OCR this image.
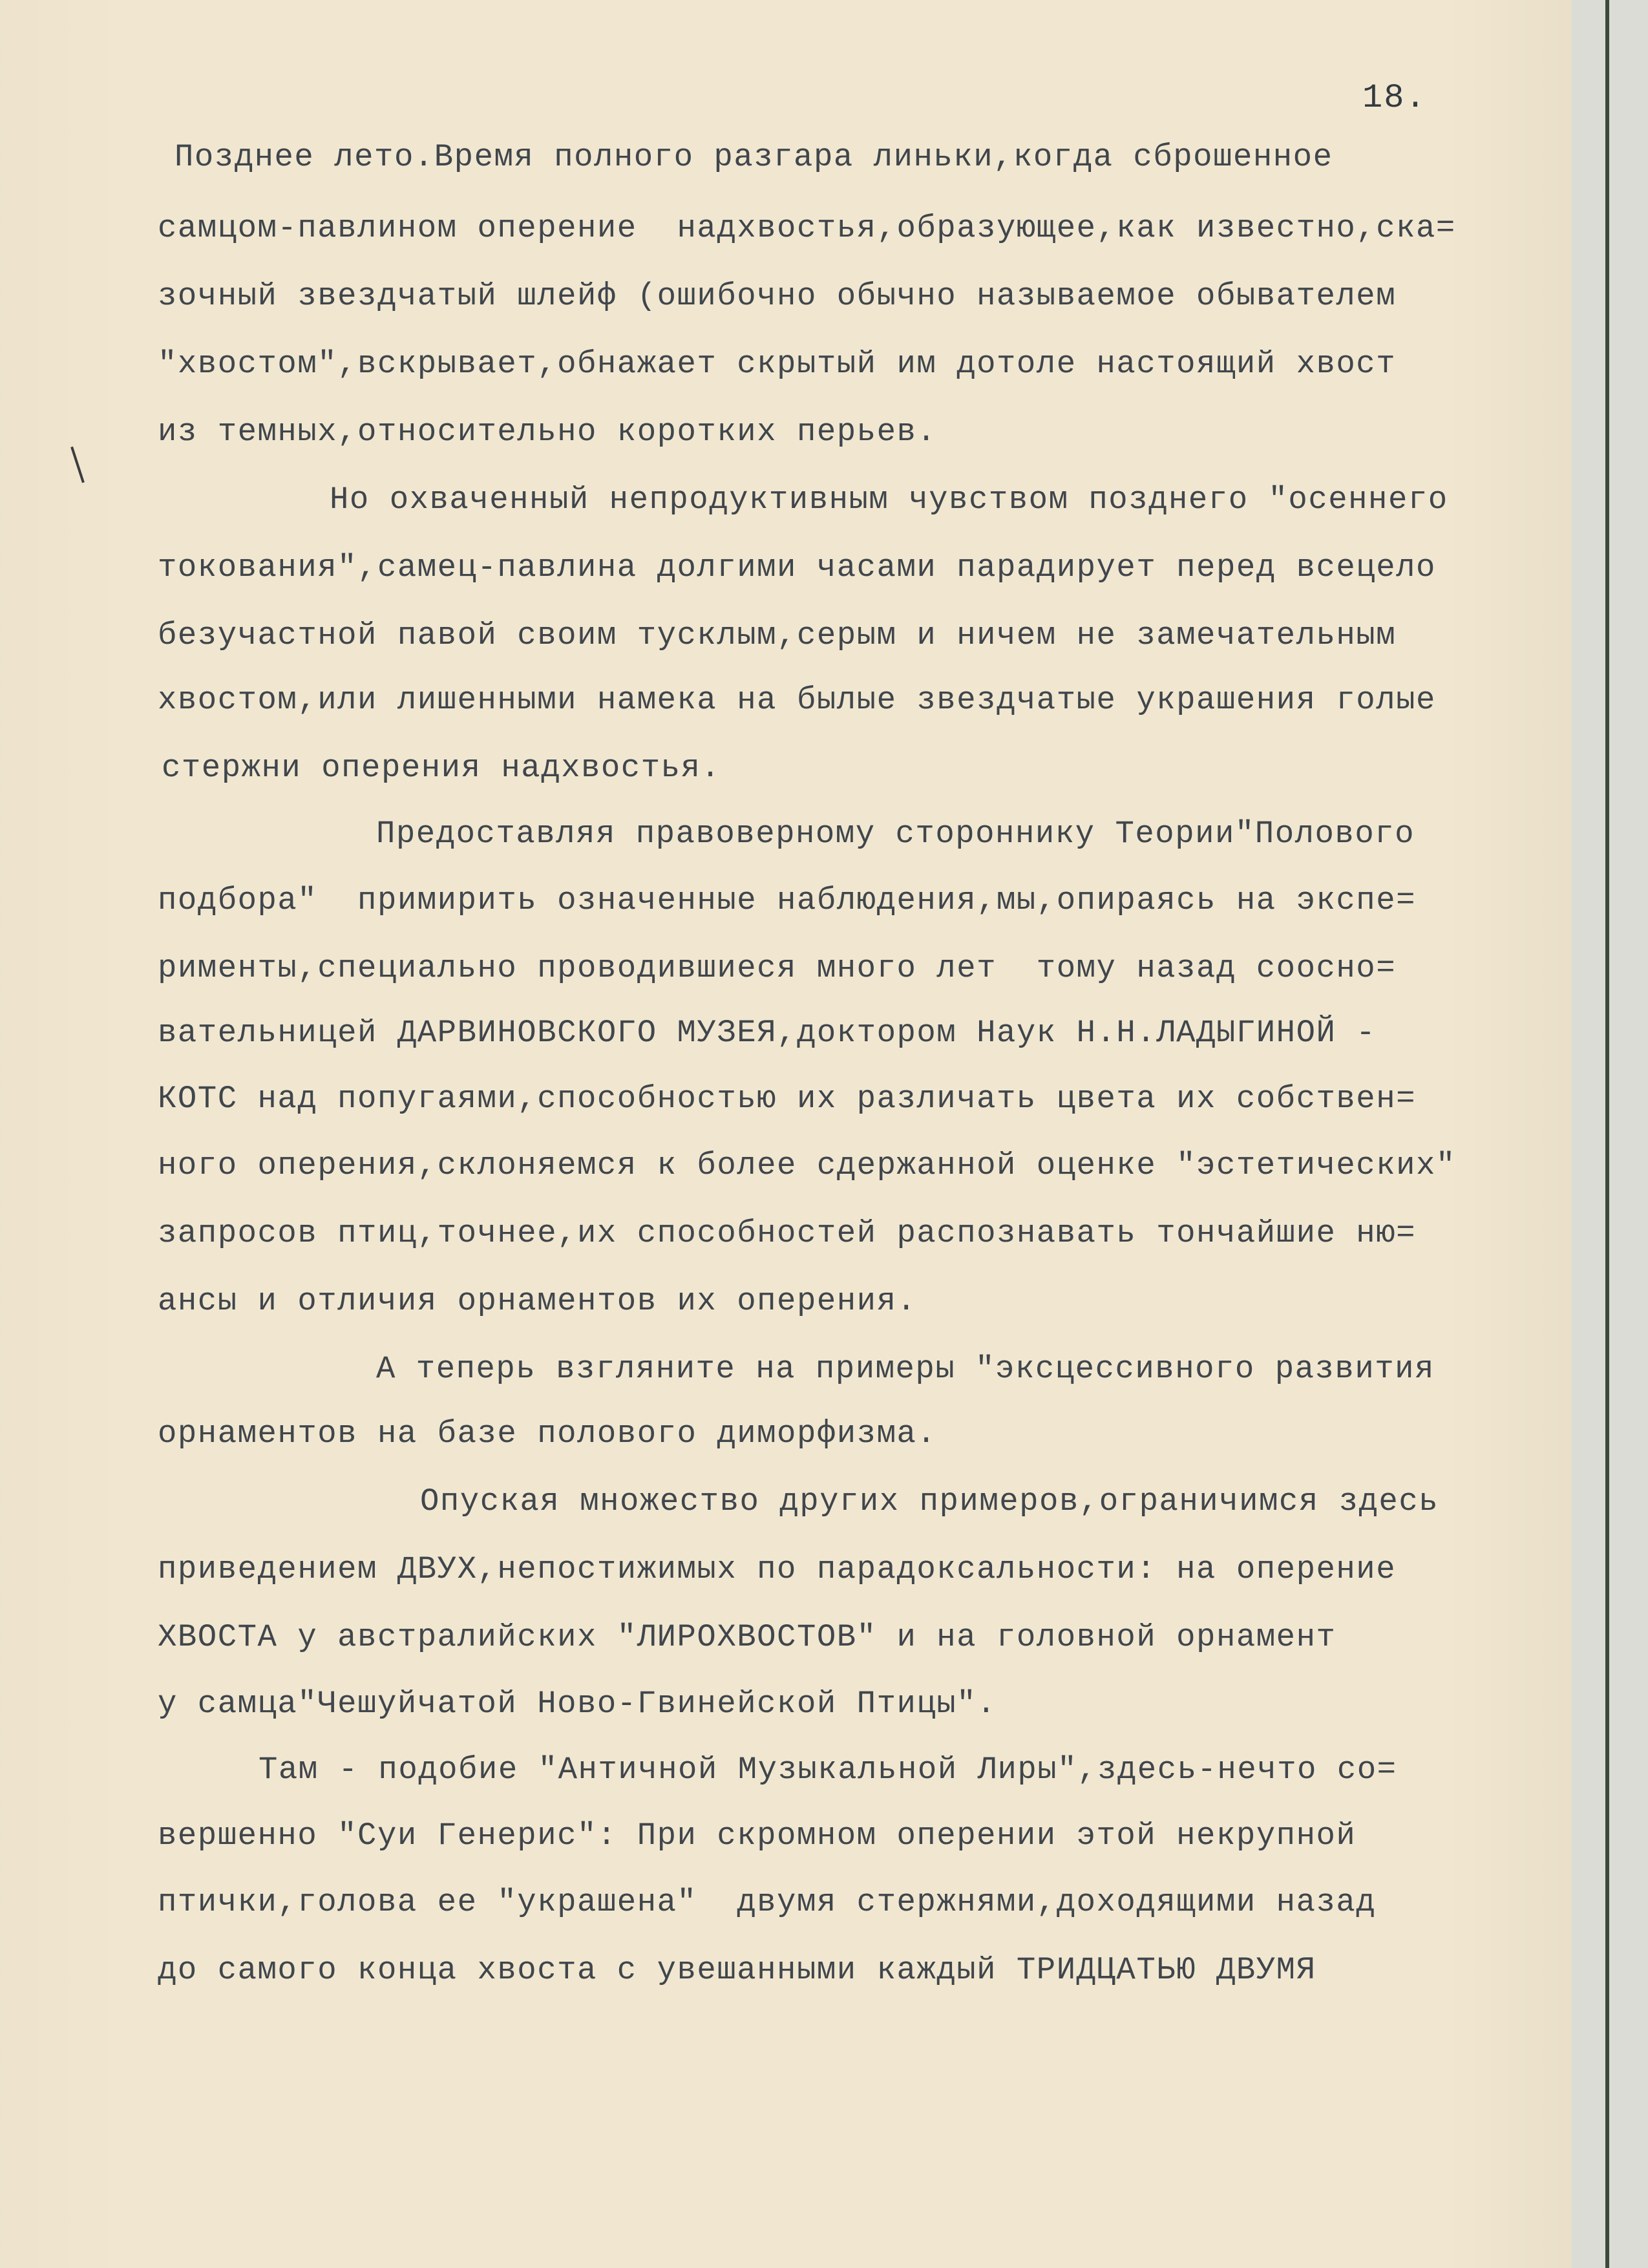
18.
Позднее лето.Время полного разгара линьки,когда сброшенное
самцом-павлином оперение  надхвостья,образующее,как известно,ска=
зочный звездчатый шлейф (ошибочно обычно называемое обывателем
"хвостом",вскрывает,обнажает скрытый им дотоле настоящий хвост
из темных,относительно коротких перьев.
Но охваченный непродуктивным чувством позднего "осеннего
токования",самец-павлина долгими часами парадирует перед всецело
безучастной павой своим тусклым,серым и ничем не замечательным
хвостом,или лишенными намека на былые звездчатые украшения голые
стержни оперения надхвостья.
Предоставляя правоверному стороннику Теории"Полового
подбора"  примирить означенные наблюдения,мы,опираясь на экспе=
рименты,специально проводившиеся много лет  тому назад соосно=
вательницей ДАРВИНОВСКОГО МУЗЕЯ,доктором Наук Н.Н.ЛАДЫГИНОЙ -
КОТС над попугаями,способностью их различать цвета их собствен=
ного оперения,склоняемся к более сдержанной оценке "эстетических"
запросов птиц,точнее,их способностей распознавать тончайшие ню=
ансы и отличия орнаментов их оперения.
А теперь взгляните на примеры "эксцессивного развития
орнаментов на базе полового диморфизма.
Опуская множество других примеров,ограничимся здесь
приведением ДВУХ,непостижимых по парадоксальности: на оперение
ХВОСТА у австралийских "ЛИРОХВОСТОВ" и на головной орнамент
у самца"Чешуйчатой Ново-Гвинейской Птицы".
Там - подобие "Античной Музыкальной Лиры",здесь-нечто со=
вершенно "Суи Генерис": При скромном оперении этой некрупной
птички,голова ее "украшена"  двумя стержнями,доходящими назад
до самого конца хвоста с увешанными каждый ТРИДЦАТЬЮ ДВУМЯ
